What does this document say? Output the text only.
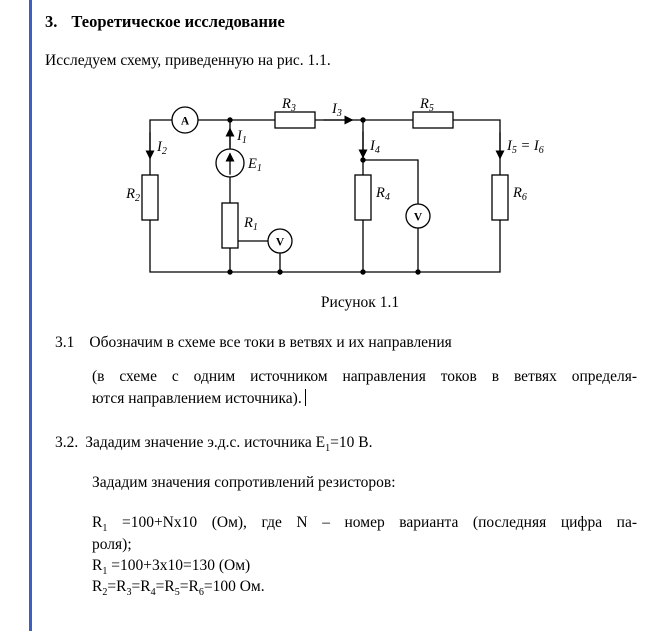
3. Теоретическое исследование
Исследуем схему, приведенную на рис. 1.1.
A
V
V
$I_2$
$I_1$
$I_3$
$I_4$	$I_5 = I_6$
$E_1$
$R_2$
$R_1$
$R_3$
$R_4$
$R_5$
$R_6$
Рисунок 1.1
3.1 Обозначим в схеме все токи в ветвях и их направления
(в схеме с одним источником направления токов в ветвях определя-
ются направлением источника).
3.2. Зададим значение э.д.с. источника $E_1=10$ В.
Зададим значения сопротивлений резисторов:
$R_1 =100+Nх10$ (Ом), где N – номер варианта (последняя цифра па-
роля);
$R_1 =100+3х10=130$ (Ом)
$R_2=R_3=R_4=R_5=R_6=100$ Ом.
